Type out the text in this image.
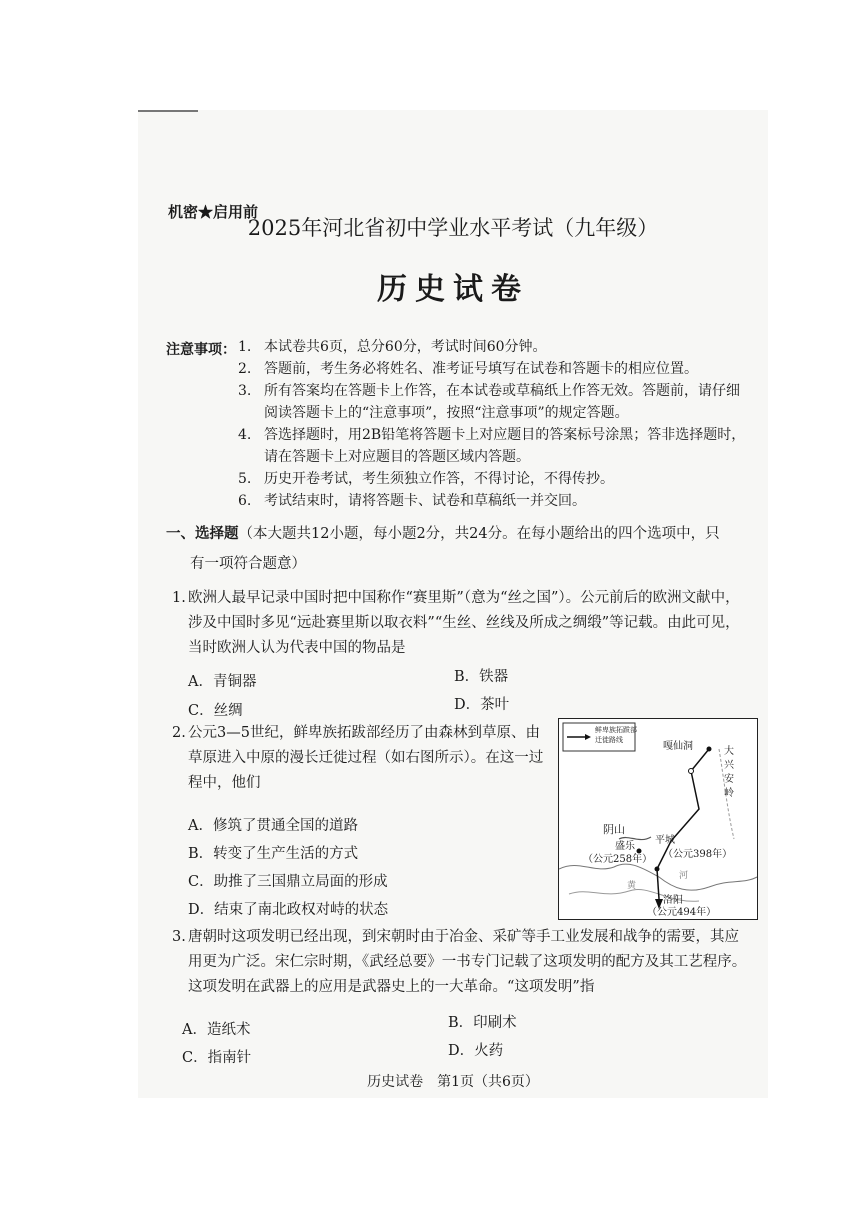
机密★启用前
2025年河北省初中学业水平考试（九年级）
历史试卷
注意事项： 1. 本试卷共6页，总分60分，考试时间60分钟。
2. 答题前，考生务必将姓名、准考证号填写在试卷和答题卡的相应位置。
3. 所有答案均在答题卡上作答，在本试卷或草稿纸上作答无效。答题前，请仔细阅读答题卡上的“注意事项”，按照“注意事项”的规定答题。
4. 答选择题时，用2B铅笔将答题卡上对应题目的答案标号涂黑；答非选择题时，请在答题卡上对应题目的答题区域内答题。
5. 历史开卷考试，考生须独立作答，不得讨论，不得传抄。
6. 考试结束时，请将答题卡、试卷和草稿纸一并交回。
一、选择题（本大题共12小题，每小题2分，共24分。在每小题给出的四个选项中，只
有一项符合题意）
1. 欧洲人最早记录中国时把中国称作“赛里斯”（意为“丝之国”）。公元前后的欧洲文献中，涉及中国时多见“远赴赛里斯以取衣料”“生丝、丝线及所成之绸缎”等记载。由此可见，当时欧洲人认为代表中国的物品是
A．青铜器	B．铁器
C．丝绸	D．茶叶
2. 公元3—5世纪，鲜卑族拓跋部经历了由森林到草原、由草原进入中原的漫长迁徙过程（如右图所示）。在这一过程中，他们
A．修筑了贯通全国的道路
B．转变了生产生活的方式
C．助推了三国鼎立局面的形成
D．结束了南北政权对峙的状态
鲜卑族拓跋部
迁徙路线
嘎仙洞	大兴安岭
阴山
盛乐
（公元258年）
平城
（公元398年）
河
黄
洛阳
（公元494年）
3. 唐朝时这项发明已经出现，到宋朝时由于冶金、采矿等手工业发展和战争的需要，其应用更为广泛。宋仁宗时期，《武经总要》一书专门记载了这项发明的配方及其工艺程序。这项发明在武器上的应用是武器史上的一大革命。“这项发明”指
A．造纸术	B．印刷术
C．指南针	D．火药
历史试卷　第1页（共6页）
